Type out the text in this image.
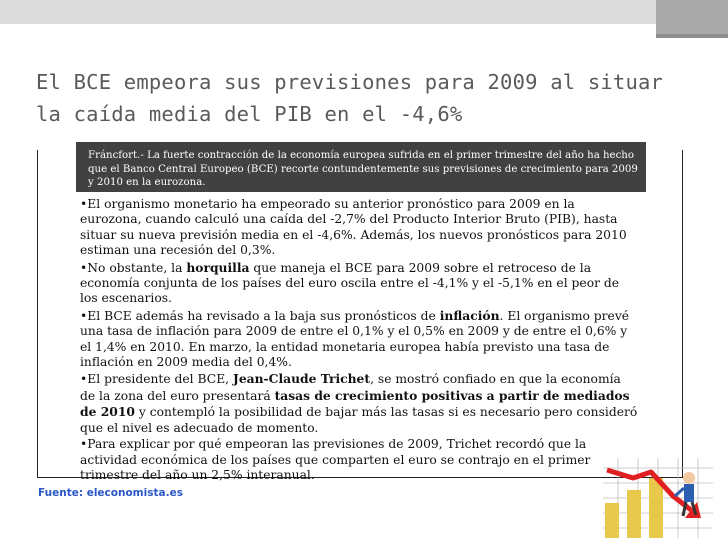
El BCE empeora sus previsiones para 2009 al situar la caída media del PIB en el -4,6%
Fráncfort.- La fuerte contracción de la economía europea sufrida en el primer trimestre del año ha hecho que el Banco Central Europeo (BCE) recorte contundentemente sus previsiones de crecimiento para 2009 y 2010 en la eurozona.
•El organismo monetario ha empeorado su anterior pronóstico para 2009 en la eurozona, cuando calculó una caída del -2,7% del Producto Interior Bruto (PIB), hasta situar su nueva previsión media en el -4,6%. Además, los nuevos pronósticos para 2010 estiman una recesión del 0,3%.
•No obstante, la horquilla que maneja el BCE para 2009 sobre el retroceso de la economía conjunta de los países del euro oscila entre el -4,1% y el -5,1% en el peor de los escenarios.
•El BCE además ha revisado a la baja sus pronósticos de inflación. El organismo prevé una tasa de inflación para 2009 de entre el 0,1% y el 0,5% en 2009 y de entre el 0,6% y el 1,4% en 2010. En marzo, la entidad monetaria europea había previsto una tasa de inflación en 2009 media del 0,4%.
•El presidente del BCE, Jean-Claude Trichet, se mostró confiado en que la economía de la zona del euro presentará tasas de crecimiento positivas a partir de mediados de 2010 y contempló la posibilidad de bajar más las tasas si es necesario pero consideró que el nivel es adecuado de momento.
•Para explicar por qué empeoran las previsiones de 2009, Trichet recordó que la actividad económica de los países que comparten el euro se contrajo en el primer trimestre del año un 2,5% interanual.
Fuente: eleconomista.es
